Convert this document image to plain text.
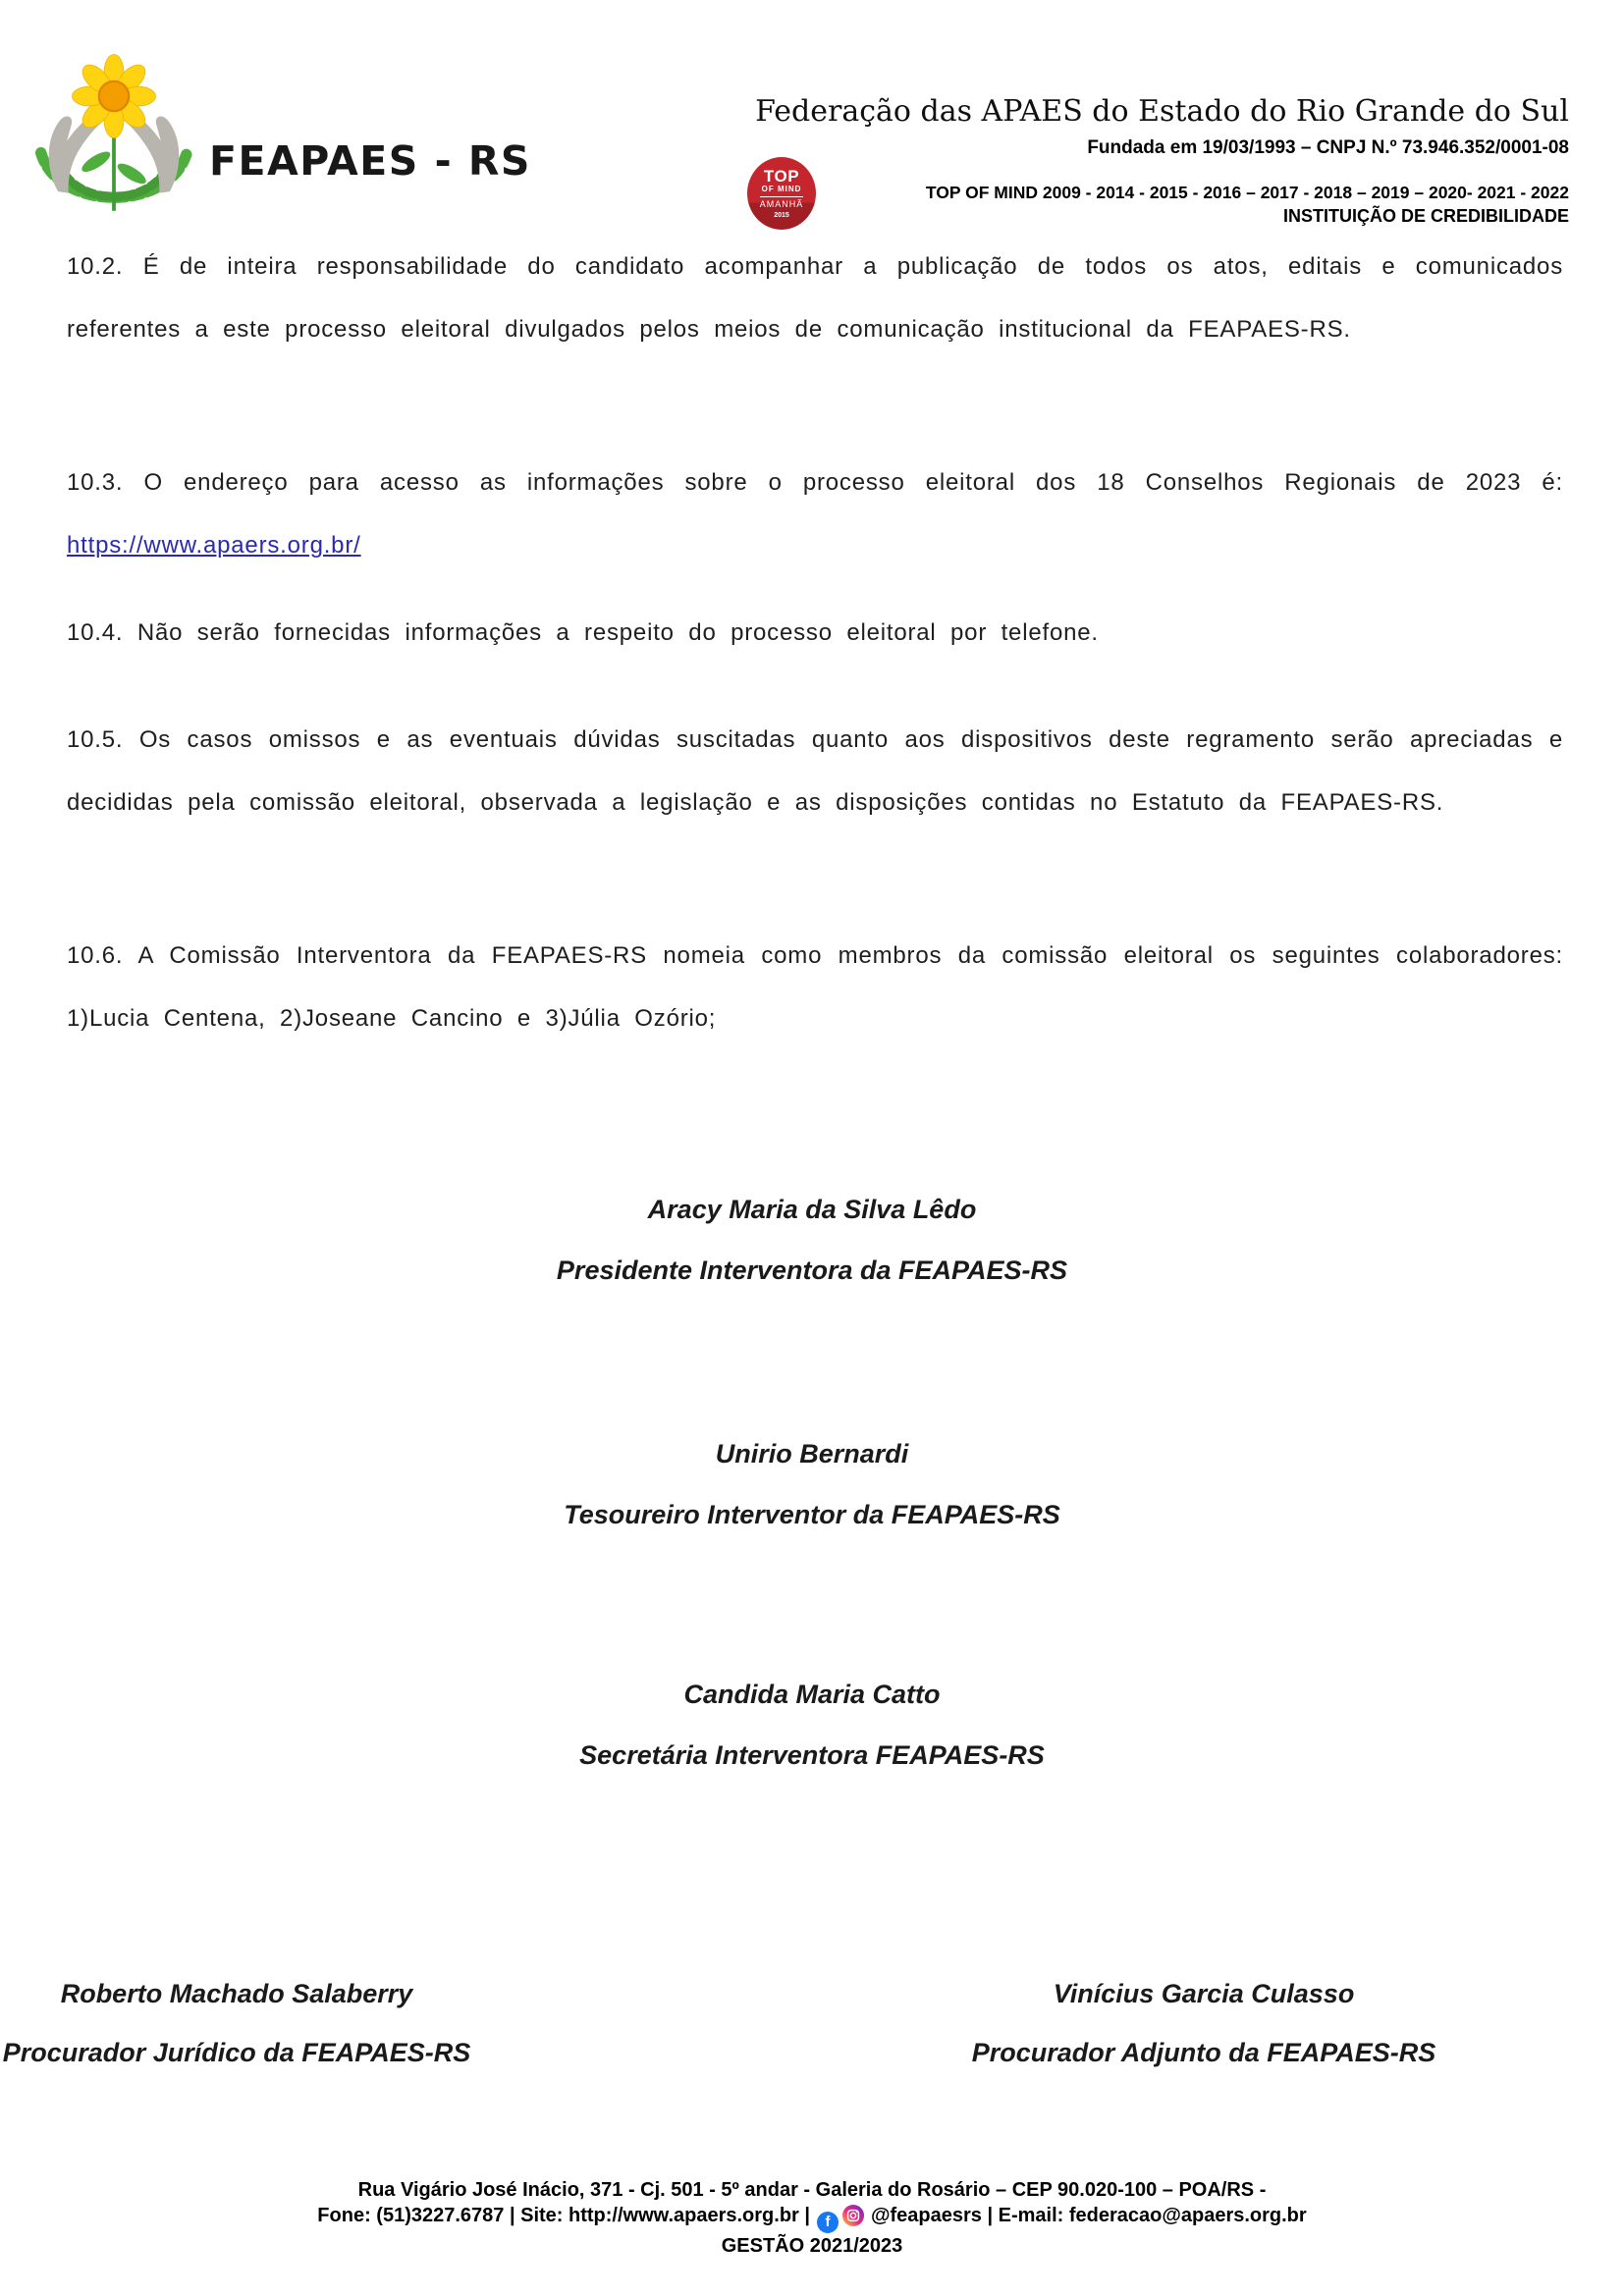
FEAPAES - RS
Federação das APAES do Estado do Rio Grande do Sul
Fundada em 19/03/1993 – CNPJ N.º 73.946.352/0001-08
TOP
OF MIND
AMANHÃ
2015
TOP OF MIND 2009 - 2014 - 2015 - 2016 – 2017 - 2018 – 2019 – 2020- 2021 - 2022
INSTITUIÇÃO DE CREDIBILIDADE
10.2. É de inteira responsabilidade do candidato acompanhar a publicação de todos os atos, editais e comunicados referentes a este processo eleitoral divulgados pelos meios de comunicação institucional da FEAPAES-RS.
10.3. O endereço para acesso as informações sobre o processo eleitoral dos 18 Conselhos Regionais de 2023 é:
https://www.apaers.org.br/
10.4. Não serão fornecidas informações a respeito do processo eleitoral por telefone.
10.5. Os casos omissos e as eventuais dúvidas suscitadas quanto aos dispositivos deste regramento serão apreciadas e decididas pela comissão eleitoral, observada a legislação e as disposições contidas no Estatuto da FEAPAES-RS.
10.6. A Comissão Interventora da FEAPAES-RS nomeia como membros da comissão eleitoral os seguintes colaboradores: 1)Lucia Centena, 2)Joseane Cancino e 3)Júlia Ozório;
Aracy Maria da Silva Lêdo
Presidente Interventora da FEAPAES-RS
Unirio Bernardi
Tesoureiro Interventor da FEAPAES-RS
Candida Maria Catto
Secretária Interventora FEAPAES-RS
Roberto Machado Salaberry
Procurador Jurídico da FEAPAES-RS
Vinícius Garcia Culasso
Procurador Adjunto da FEAPAES-RS
Rua Vigário José Inácio, 371 - Cj. 501 - 5º andar - Galeria do Rosário – CEP 90.020-100 – POA/RS -
Fone: (51)3227.6787 | Site: http://www.apaers.org.br | f @feapaesrs | E-mail: federacao@apaers.org.br
GESTÃO 2021/2023
